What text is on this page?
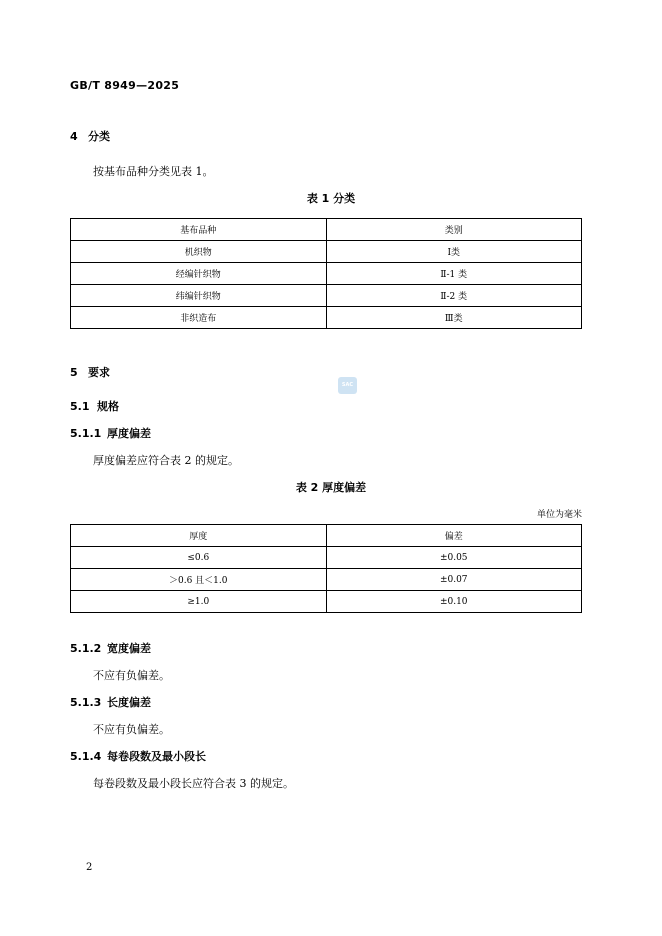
GB/T 8949—2025
4 分类
按基布品种分类见表 1。
表 1 分类
基布品种	类别
机织物	Ⅰ类
经编针织物	Ⅱ-1 类
纬编针织物	Ⅱ-2 类
非织造布	Ⅲ类
5 要求
SAC
5.1 规格
5.1.1 厚度偏差
厚度偏差应符合表 2 的规定。
表 2 厚度偏差
单位为毫米
厚度	偏差
≤0.6	±0.05
＞0.6 且＜1.0	±0.07
≥1.0	±0.10
5.1.2 宽度偏差
不应有负偏差。
5.1.3 长度偏差
不应有负偏差。
5.1.4 每卷段数及最小段长
每卷段数及最小段长应符合表 3 的规定。
2
